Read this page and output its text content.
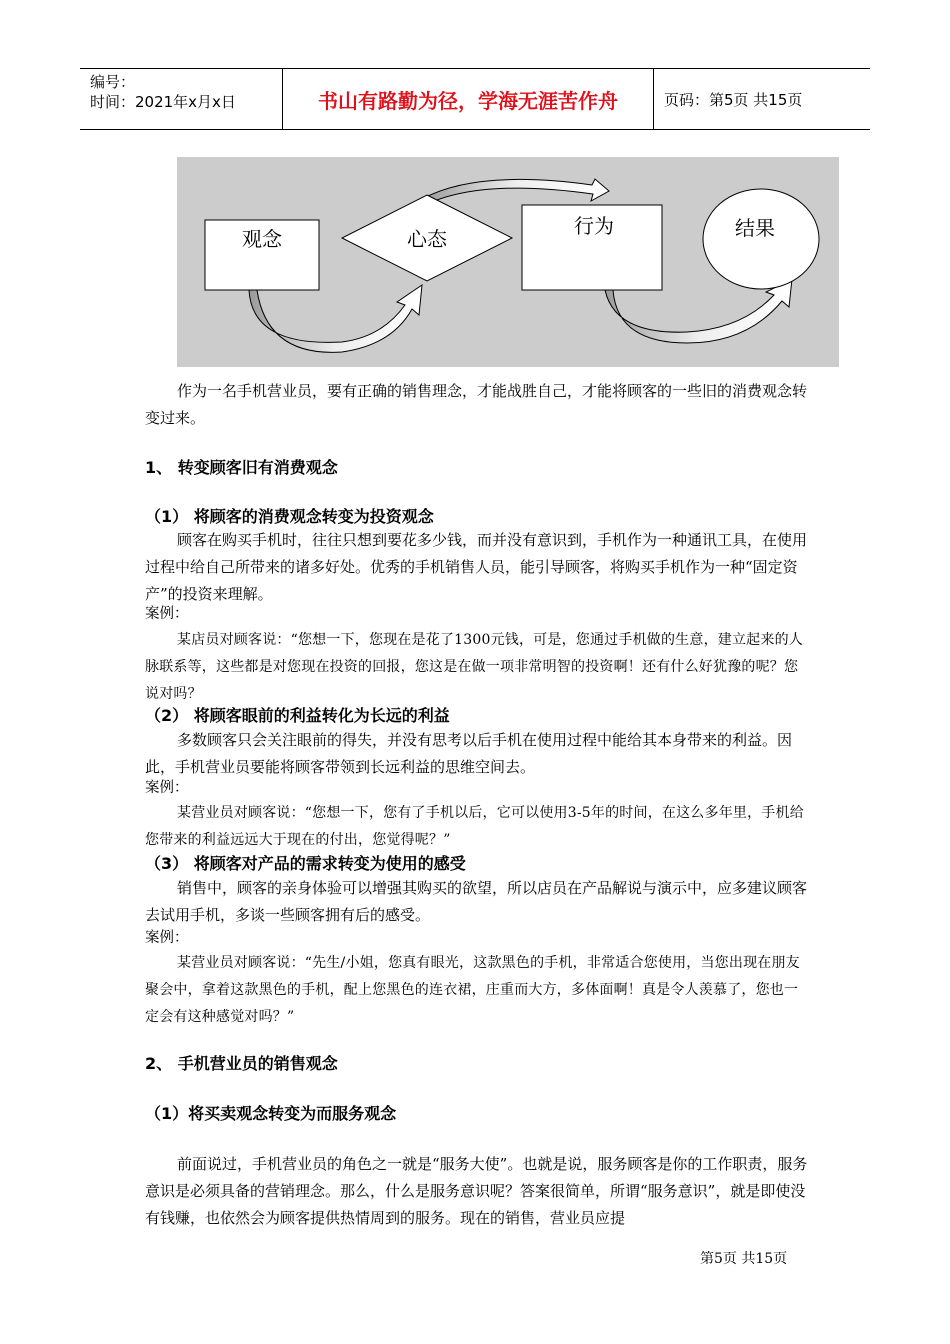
编号：
时间：2021年x月x日	书山有路勤为径，学海无涯苦作舟	页码：第5页 共15页
观念	心态
行为	结果
作为一名手机营业员，要有正确的销售理念，才能战胜自己，才能将顾客的一些旧的消费观念转变过来。
1、 转变顾客旧有消费观念
（1） 将顾客的消费观念转变为投资观念
顾客在购买手机时，往往只想到要花多少钱，而并没有意识到，手机作为一种通讯工具，在使用过程中给自己所带来的诸多好处。优秀的手机销售人员，能引导顾客，将购买手机作为一种“固定资产”的投资来理解。
案例：
某店员对顾客说：“您想一下，您现在是花了1300元钱，可是，您通过手机做的生意，建立起来的人脉联系等，这些都是对您现在投资的回报，您这是在做一项非常明智的投资啊！还有什么好犹豫的呢？您说对吗？
（2） 将顾客眼前的利益转化为长远的利益
多数顾客只会关注眼前的得失，并没有思考以后手机在使用过程中能给其本身带来的利益。因此，手机营业员要能将顾客带领到长远利益的思维空间去。
案例：
某营业员对顾客说：“您想一下，您有了手机以后，它可以使用3-5年的时间，在这么多年里，手机给您带来的利益远远大于现在的付出，您觉得呢？”
（3） 将顾客对产品的需求转变为使用的感受
销售中，顾客的亲身体验可以增强其购买的欲望，所以店员在产品解说与演示中，应多建议顾客去试用手机，多谈一些顾客拥有后的感受。
案例：
某营业员对顾客说：“先生/小姐，您真有眼光，这款黑色的手机，非常适合您使用，当您出现在朋友聚会中，拿着这款黑色的手机，配上您黑色的连衣裙，庄重而大方，多体面啊！真是令人羡慕了，您也一定会有这种感觉对吗？”
2、 手机营业员的销售观念
（1）将买卖观念转变为而服务观念
前面说过，手机营业员的角色之一就是“服务大使”。也就是说，服务顾客是你的工作职责，服务意识是必须具备的营销理念。那么，什么是服务意识呢？答案很简单，所谓“服务意识”，就是即使没有钱赚，也依然会为顾客提供热情周到的服务。现在的销售，营业员应提
第5页 共15页
